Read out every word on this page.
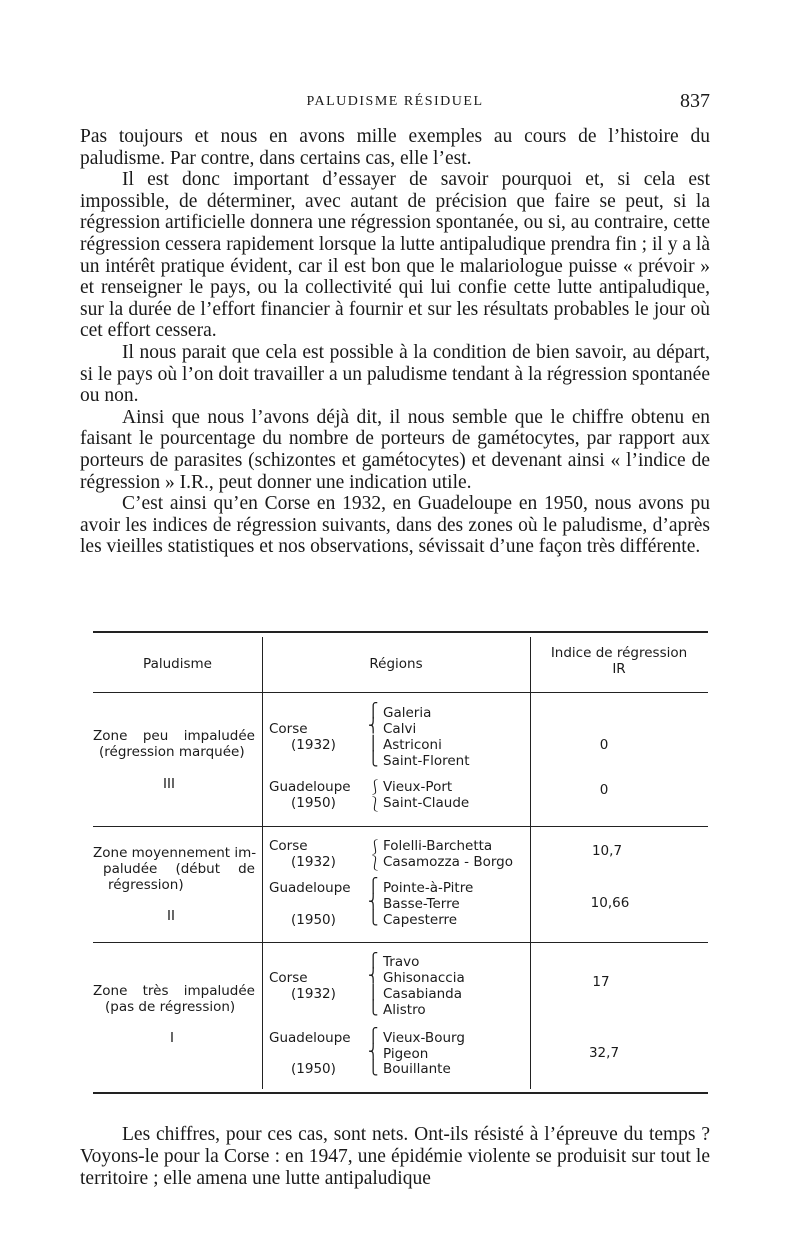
PALUDISME RÉSIDUEL	837

Pas toujours et nous en avons mille exemples au cours de l’histoire du paludisme. Par contre, dans certains cas, elle l’est.

Il est donc important d’essayer de savoir pourquoi et, si cela est impossible, de déterminer, avec autant de précision que faire se peut, si la régression artificielle donnera une régression spontanée, ou si, au contraire, cette régression cessera rapidement lorsque la lutte antipaludique prendra fin ; il y a là un intérêt pratique évident, car il est bon que le malariologue puisse « prévoir » et renseigner le pays, ou la collectivité qui lui confie cette lutte antipaludique, sur la durée de l’effort financier à fournir et sur les résultats probables le jour où cet effort cessera.

Il nous parait que cela est possible à la condition de bien savoir, au départ, si le pays où l’on doit travailler a un paludisme tendant à la régression spontanée ou non.

Ainsi que nous l’avons déjà dit, il nous semble que le chiffre obtenu en faisant le pourcentage du nombre de porteurs de gamétocytes, par rapport aux porteurs de parasites (schizontes et gamétocytes) et devenant ainsi « l’indice de régression » I.R., peut donner une indication utile.

C’est ainsi qu’en Corse en 1932, en Guadeloupe en 1950, nous avons pu avoir les indices de régression suivants, dans des zones où le paludisme, d’après les vieilles statistiques et nos observations, sévissait d’une façon très différente.

Paludisme	Régions
Indice de régression
IR
Zone peu impaludée
(régression marquée)
III
Corse
(1932)
⎧
⎨
⎪
⎩
Galeria
Calvi
Astriconi
Saint-Florent
0
Guadeloupe
(1950)
⎰
⎱
Vieux-Port
Saint-Claude
0
Zone moyennement im-
paludée (début de
régression)
II
Corse
(1932)
⎰
⎱
Folelli-Barchetta
Casamozza - Borgo
10,7
Guadeloupe
(1950)
⎧
⎨
⎩
Pointe-à-Pitre
Basse-Terre
Capesterre
10,66
Zone très impaludée
(pas de régression)
I
Corse
(1932)
⎧
⎨
⎪
⎩
Travo
Ghisonaccia
Casabianda
Alistro
17
Guadeloupe
(1950)
⎧
⎨
⎩
Vieux-Bourg
Pigeon
Bouillante
32,7

Les chiffres, pour ces cas, sont nets. Ont-ils résisté à l’épreuve du temps ? Voyons-le pour la Corse : en 1947, une épidémie violente se produisit sur tout le territoire ; elle amena une lutte antipaludique
